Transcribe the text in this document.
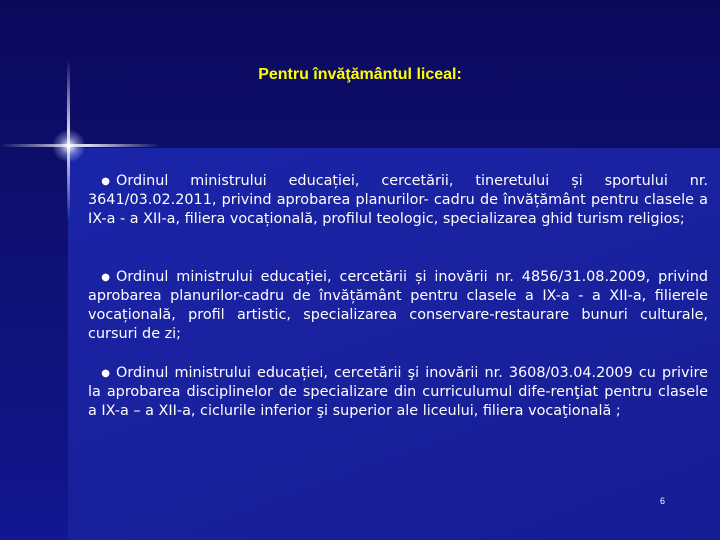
Pentru învăţământul liceal:
● Ordinul ministrului educației, cercetării, tineretului și sportului nr. 3641/03.02.2011, privind aprobarea planurilor- cadru de învățământ pentru clasele a IX-a - a XII-a, filiera vocațională, profilul teologic, specializarea ghid turism religios;
● Ordinul ministrului educației, cercetării și inovării nr. 4856/31.08.2009, privind aprobarea planurilor-cadru de învățământ pentru clasele a IX-a - a XII-a, filierele vocațională, profil artistic, specializarea conservare-restaurare bunuri culturale, cursuri de zi;
● Ordinul ministrului educației, cercetării şi inovării nr. 3608/03.04.2009 cu privire la aprobarea disciplinelor de specializare din curriculumul dife-renţiat pentru clasele a IX-a – a XII-a, ciclurile inferior şi superior ale liceului, filiera vocaţională ;
6
